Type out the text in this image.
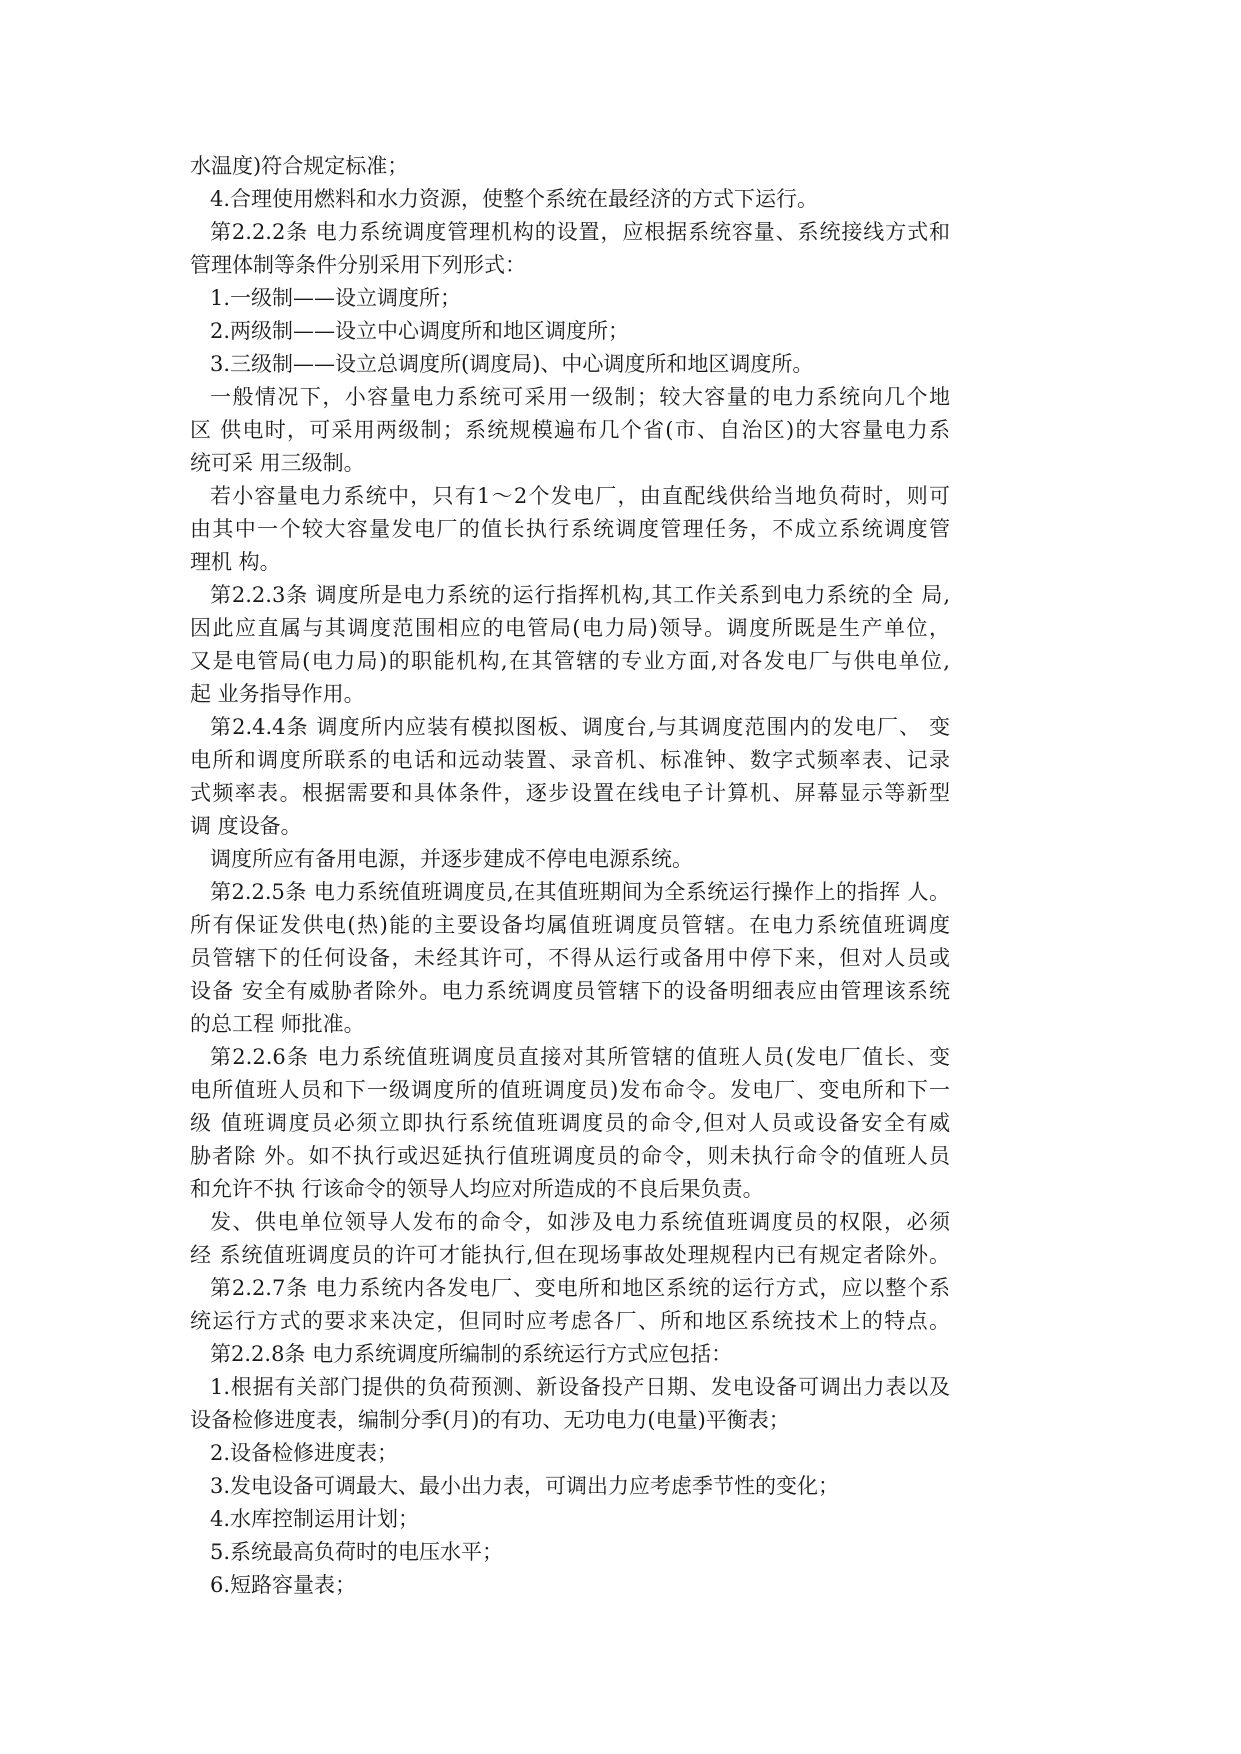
水温度)符合规定标准；

4.合理使用燃料和水力资源，使整个系统在最经济的方式下运行。

第2.2.2条 电力系统调度管理机构的设置，应根据系统容量、系统接线方式和

管理体制等条件分别采用下列形式：

1.一级制——设立调度所；

2.两级制——设立中心调度所和地区调度所；

3.三级制——设立总调度所(调度局)、中心调度所和地区调度所。

一般情况下，小容量电力系统可采用一级制；较大容量的电力系统向几个地

区 供电时，可采用两级制；系统规模遍布几个省(市、自治区)的大容量电力系

统可采 用三级制。

若小容量电力系统中，只有1～2个发电厂，由直配线供给当地负荷时，则可

由其中一个较大容量发电厂的值长执行系统调度管理任务，不成立系统调度管

理机 构。

第2.2.3条 调度所是电力系统的运行指挥机构,其工作关系到电力系统的全 局,

因此应直属与其调度范围相应的电管局(电力局)领导。调度所既是生产单位，

又是电管局(电力局)的职能机构,在其管辖的专业方面,对各发电厂与供电单位,

起 业务指导作用。

第2.4.4条 调度所内应装有模拟图板、调度台,与其调度范围内的发电厂、 变

电所和调度所联系的电话和远动装置、录音机、标准钟、数字式频率表、记录

式频率表。根据需要和具体条件，逐步设置在线电子计算机、屏幕显示等新型

调 度设备。

调度所应有备用电源，并逐步建成不停电电源系统。

第2.2.5条 电力系统值班调度员,在其值班期间为全系统运行操作上的指挥 人。

所有保证发供电(热)能的主要设备均属值班调度员管辖。在电力系统值班调度

员管辖下的任何设备，未经其许可，不得从运行或备用中停下来，但对人员或

设备 安全有威胁者除外。电力系统调度员管辖下的设备明细表应由管理该系统

的总工程 师批准。

第2.2.6条 电力系统值班调度员直接对其所管辖的值班人员(发电厂值长、变

电所值班人员和下一级调度所的值班调度员)发布命令。发电厂、变电所和下一

级 值班调度员必须立即执行系统值班调度员的命令,但对人员或设备安全有威

胁者除 外。如不执行或迟延执行值班调度员的命令，则未执行命令的值班人员

和允许不执 行该命令的领导人均应对所造成的不良后果负责。

发、供电单位领导人发布的命令，如涉及电力系统值班调度员的权限，必须

经 系统值班调度员的许可才能执行,但在现场事故处理规程内已有规定者除外。

第2.2.7条 电力系统内各发电厂、变电所和地区系统的运行方式，应以整个系

统运行方式的要求来决定，但同时应考虑各厂、所和地区系统技术上的特点。

第2.2.8条 电力系统调度所编制的系统运行方式应包括：

1.根据有关部门提供的负荷预测、新设备投产日期、发电设备可调出力表以及

设备检修进度表，编制分季(月)的有功、无功电力(电量)平衡表；

2.设备检修进度表；

3.发电设备可调最大、最小出力表，可调出力应考虑季节性的变化；

4.水库控制运用计划；

5.系统最高负荷时的电压水平；

6.短路容量表；
